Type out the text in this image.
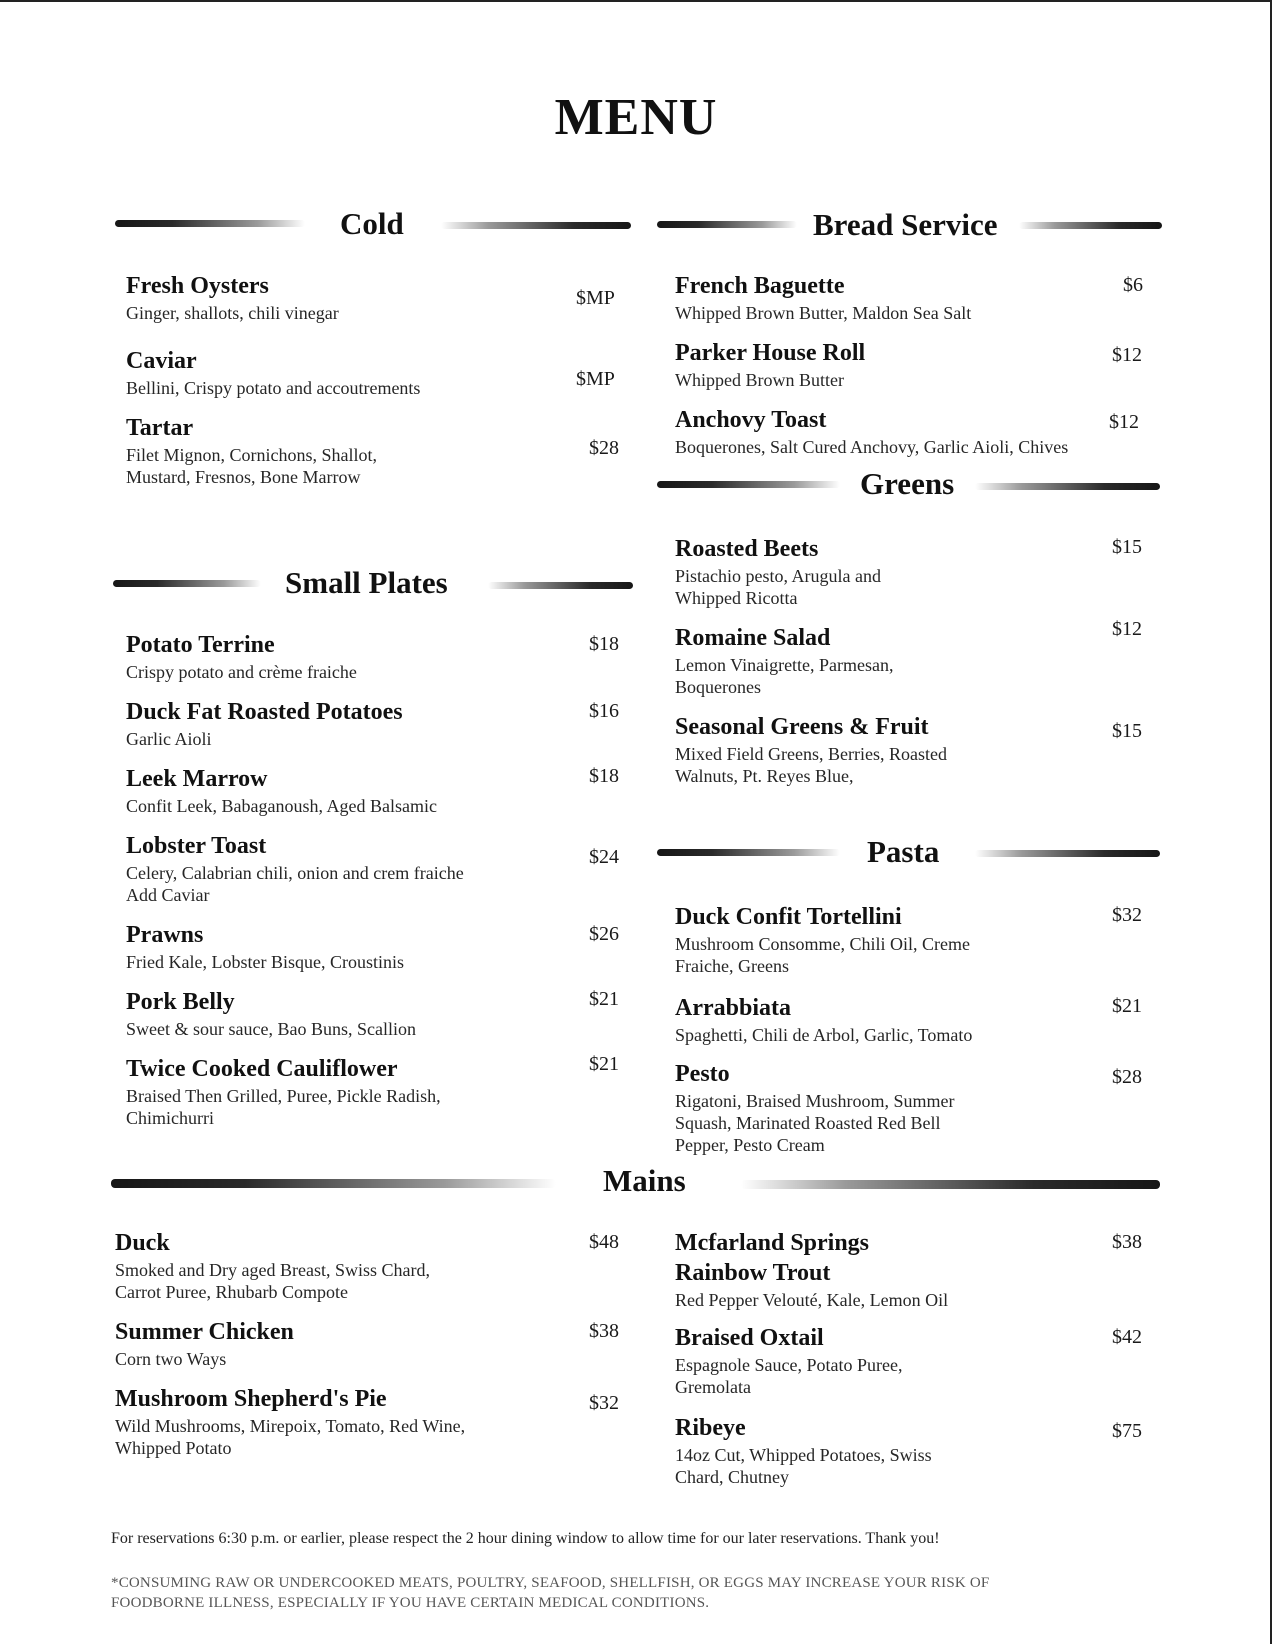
MENU
Cold	Bread Service
Small Plates
Greens
Pasta
Mains
Fresh Oysters
Ginger, shallots, chili vinegar
$MP
Caviar
Bellini, Crispy potato and accoutrements	$MP
Tartar
Filet Mignon, Cornichons, Shallot,
Mustard, Fresnos, Bone Marrow
$28
Potato Terrine
Crispy potato and crème fraiche
$18
Duck Fat Roasted Potatoes
Garlic Aioli
$16
Leek Marrow
Confit Leek, Babaganoush, Aged Balsamic
$18
Lobster Toast
Celery, Calabrian chili, onion and crem fraiche
Add Caviar
$24
Prawns
Fried Kale, Lobster Bisque, Croustinis
$26
Pork Belly
Sweet & sour sauce, Bao Buns, Scallion
$21
Twice Cooked Cauliflower
Braised Then Grilled, Puree, Pickle Radish,
Chimichurri
$21
French Baguette
Whipped Brown Butter, Maldon Sea Salt
$6
Parker House Roll
Whipped Brown Butter
$12
Anchovy Toast
Boquerones, Salt Cured Anchovy, Garlic Aioli, Chives
$12
Roasted Beets
Pistachio pesto, Arugula and
Whipped Ricotta
$15
Romaine Salad
Lemon Vinaigrette, Parmesan,
Boquerones
$12
Seasonal Greens & Fruit
Mixed Field Greens, Berries, Roasted
Walnuts, Pt. Reyes Blue,
$15
Duck Confit Tortellini
Mushroom Consomme, Chili Oil, Creme
Fraiche, Greens
$32
Arrabbiata
Spaghetti, Chili de Arbol, Garlic, Tomato
$21
Pesto
Rigatoni, Braised Mushroom, Summer
Squash, Marinated Roasted Red Bell
Pepper, Pesto Cream
$28
Duck
Smoked and Dry aged Breast, Swiss Chard,
Carrot Puree, Rhubarb Compote
$48
Summer Chicken
Corn two Ways
$38
Mushroom Shepherd's Pie
Wild Mushrooms, Mirepoix, Tomato, Red Wine,
Whipped Potato
$32
Mcfarland Springs
Rainbow Trout
Red Pepper Velouté, Kale, Lemon Oil
$38
Braised Oxtail
Espagnole Sauce, Potato Puree,
Gremolata
$42
Ribeye
14oz Cut, Whipped Potatoes, Swiss
Chard, Chutney
$75
For reservations 6:30 p.m. or earlier, please respect the 2 hour dining window to allow time for our later reservations. Thank you!
*CONSUMING RAW OR UNDERCOOKED MEATS, POULTRY, SEAFOOD, SHELLFISH, OR EGGS MAY INCREASE YOUR RISK OF FOODBORNE ILLNESS, ESPECIALLY IF YOU HAVE CERTAIN MEDICAL CONDITIONS.
